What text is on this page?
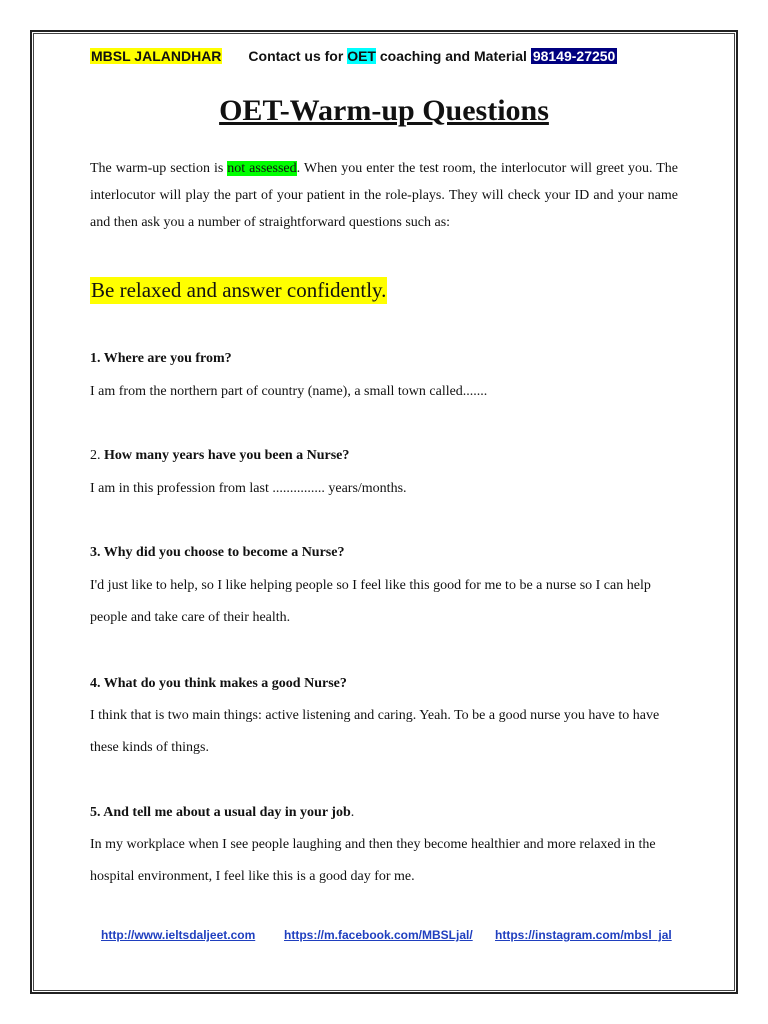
MBSL JALANDHAR Contact us for OET coaching and Material 98149-27250
OET-Warm-up Questions

The warm-up section is not assessed. When you enter the test room, the interlocutor will greet you. The interlocutor will play the part of your patient in the role-plays. They will check your ID and your name and then ask you a number of straightforward questions such as:

Be relaxed and answer confidently.

1. Where are you from?

I am from the northern part of country (name), a small town called.......

2. How many years have you been a Nurse?

I am in this profession from last ............... years/months.

3. Why did you choose to become a Nurse?

I'd just like to help, so I like helping people so I feel like this good for me to be a nurse so I can help people and take care of their health.

4. What do you think makes a good Nurse?

I think that is two main things: active listening and caring. Yeah. To be a good nurse you have to have these kinds of things.

5. And tell me about a usual day in your job.

In my workplace when I see people laughing and then they become healthier and more relaxed in the hospital environment, I feel like this is a good day for me.

http://www.ieltsdaljeet.com https://m.facebook.com/MBSLjal/ https://instagram.com/mbsl_jal
